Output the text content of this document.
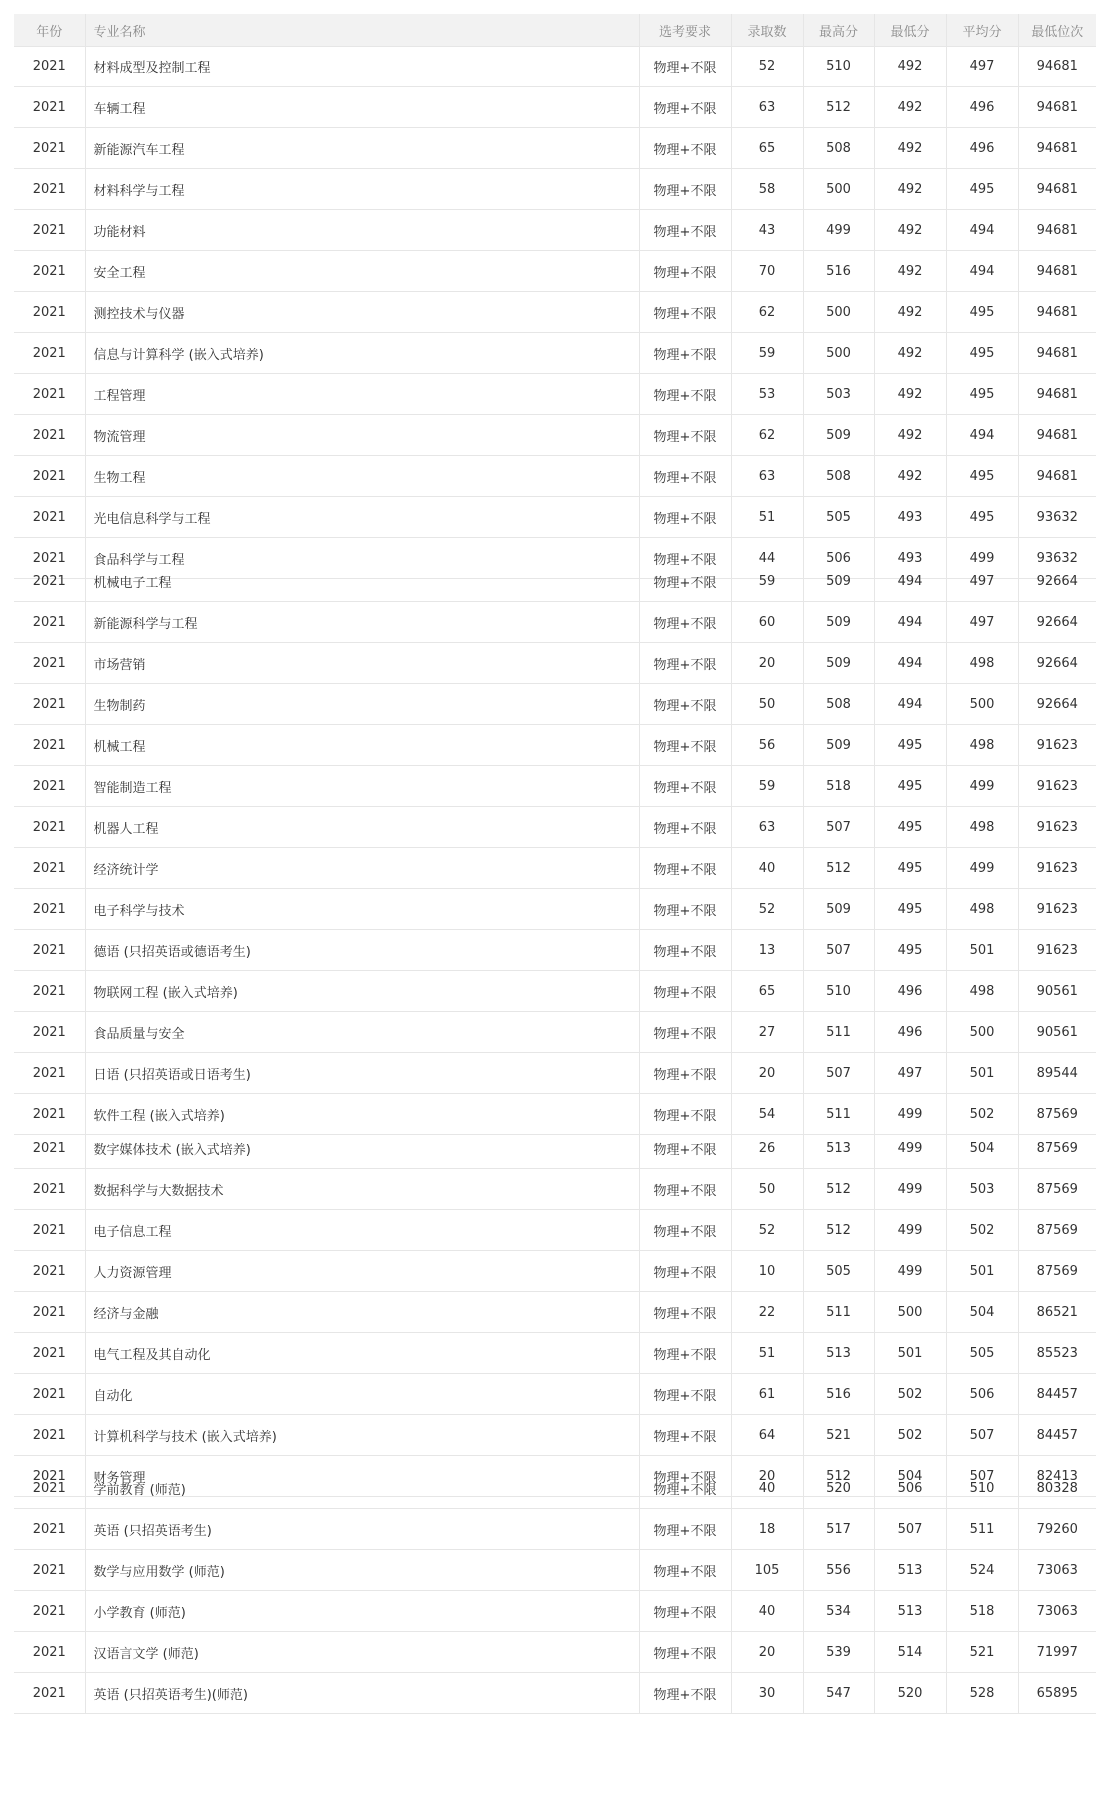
年份	专业名称	选考要求	录取数	最高分	最低分	平均分	最低位次
2021	材料成型及控制工程	物理+不限	52	510	492	497	94681
2021	车辆工程	物理+不限	63	512	492	496	94681
2021	新能源汽车工程	物理+不限	65	508	492	496	94681
2021	材料科学与工程	物理+不限	58	500	492	495	94681
2021	功能材料	物理+不限	43	499	492	494	94681
2021	安全工程	物理+不限	70	516	492	494	94681
2021	测控技术与仪器	物理+不限	62	500	492	495	94681
2021	信息与计算科学 (嵌入式培养)	物理+不限	59	500	492	495	94681
2021	工程管理	物理+不限	53	503	492	495	94681
2021	物流管理	物理+不限	62	509	492	494	94681
2021	生物工程	物理+不限	63	508	492	495	94681
2021	光电信息科学与工程	物理+不限	51	505	493	495	93632
2021	食品科学与工程	物理+不限	44	506	493	499	93632
2021	机械电子工程	物理+不限	59	509	494	497	92664
2021	新能源科学与工程	物理+不限	60	509	494	497	92664
2021	市场营销	物理+不限	20	509	494	498	92664
2021	生物制药	物理+不限	50	508	494	500	92664
2021	机械工程	物理+不限	56	509	495	498	91623
2021	智能制造工程	物理+不限	59	518	495	499	91623
2021	机器人工程	物理+不限	63	507	495	498	91623
2021	经济统计学	物理+不限	40	512	495	499	91623
2021	电子科学与技术	物理+不限	52	509	495	498	91623
2021	德语 (只招英语或德语考生)	物理+不限	13	507	495	501	91623
2021	物联网工程 (嵌入式培养)	物理+不限	65	510	496	498	90561
2021	食品质量与安全	物理+不限	27	511	496	500	90561
2021	日语 (只招英语或日语考生)	物理+不限	20	507	497	501	89544
2021	软件工程 (嵌入式培养)	物理+不限	54	511	499	502	87569
2021	数字媒体技术 (嵌入式培养)	物理+不限	26	513	499	504	87569
2021	数据科学与大数据技术	物理+不限	50	512	499	503	87569
2021	电子信息工程	物理+不限	52	512	499	502	87569
2021	人力资源管理	物理+不限	10	505	499	501	87569
2021	经济与金融	物理+不限	22	511	500	504	86521
2021	电气工程及其自动化	物理+不限	51	513	501	505	85523
2021	自动化	物理+不限	61	516	502	506	84457
2021	计算机科学与技术 (嵌入式培养)	物理+不限	64	521	502	507	84457
2021	财务管理	物理+不限	20	512	504	507	82413
2021	学前教育 (师范)	物理+不限	40	520	506	510	80328
2021	英语 (只招英语考生)	物理+不限	18	517	507	511	79260
2021	数学与应用数学 (师范)	物理+不限	105	556	513	524	73063
2021	小学教育 (师范)	物理+不限	40	534	513	518	73063
2021	汉语言文学 (师范)	物理+不限	20	539	514	521	71997
2021	英语 (只招英语考生)(师范)	物理+不限	30	547	520	528	65895
